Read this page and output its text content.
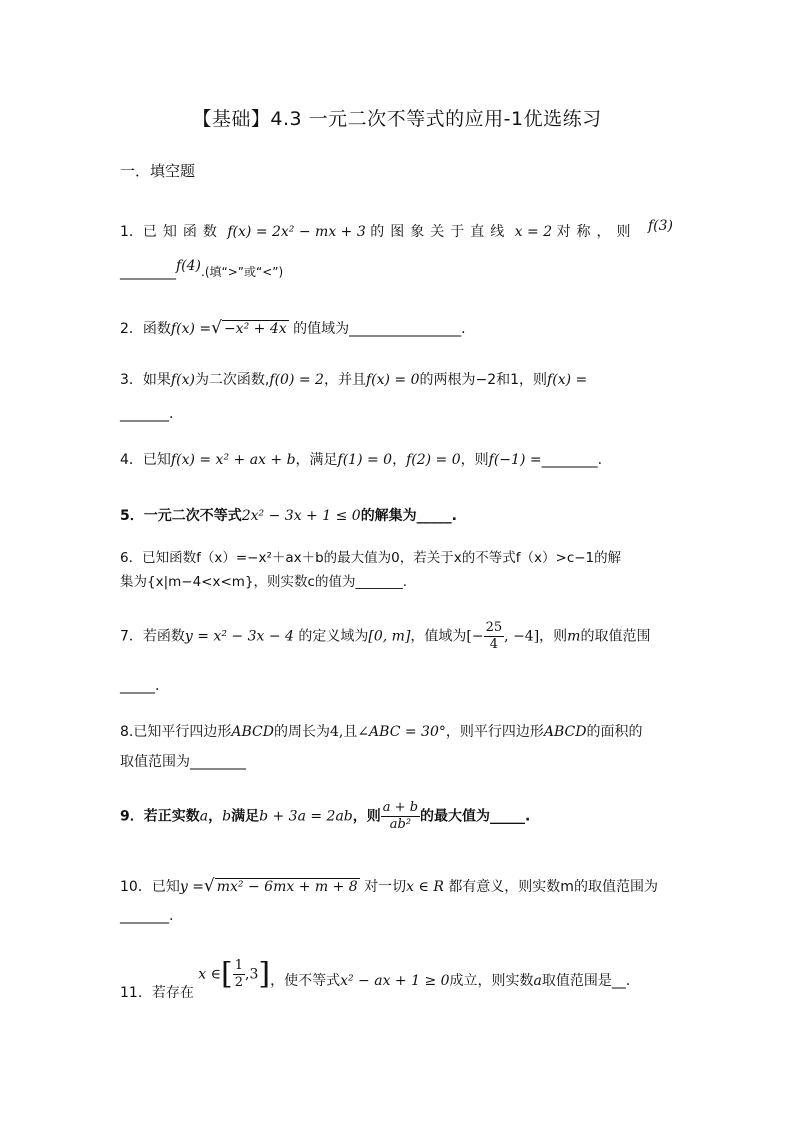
【基础】4.3 一元二次不等式的应用-1优选练习
一．填空题
1．已知函数 f(x) = 2x² − mx + 3 的图象关于直线 x = 2 对称，则 f(3)
________f(4).(填“>”或“<”)
2．函数f(x) =√ −x² + 4x 的值域为________________.
3．如果f(x)为二次函数,f(0) = 2，并且f(x) = 0的两根为−2和1，则f(x) =
_______.
4．已知f(x) = x² + ax + b，满足f(1) = 0，f(2) = 0，则f(−1) =________.
5．一元二次不等式2x² − 3x + 1 ≤ 0的解集为_____.
6．已知函数f（x）=−x²＋ax＋b的最大值为0，若关于x的不等式f（x）>c−1的解
集为{x|m−4<x<m}，则实数c的值为_______.
7．若函数y = x² − 3x − 4 的定义域为[0, m]，值域为[− $\frac{25}{4}$ , −4]，则m的取值范围
_____.
8.已知平行四边形ABCD的周长为4,且∠ABC = 30°，则平行四边形ABCD的面积的
取值范围为________
9．若正实数a，b满足b + 3a = 2ab，则 $\frac{a + b}{\text{ab²}}$ 的最大值为_____.
10．已知y =√ mx² − 6mx + m + 8 对一切x ∈ R 都有意义，则实数m的取值范围为
_______.
11．若存在 x ∈[ $\frac{1}{2} ,3$]，使不等式x² − ax + 1 ≥ 0成立，则实数a取值范围是__.
